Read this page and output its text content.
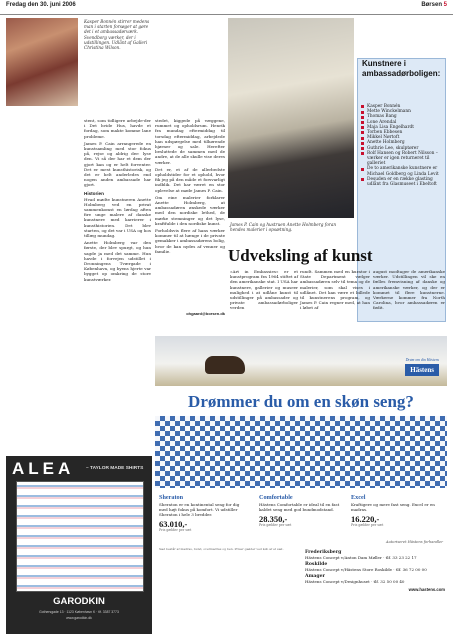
Fredag den 30. juni 2006	Børsen 5
Kasper Bonnén stirrer medens man i starten forsøger at gøre det i et ambassadørværk. Svendborg værker, der i udstillingen. Udlånt af Galleri Christina Wilson.

stent, som tidligere arbejde-der i Det hvide Hus, havde et fordag, som makte komme lane probleme.

James P. Cain arrangerede en kunstsamling med stor fokus på, rejse og aldrig der: lyse den. Vi så der har et dem der gjort kan og er helt forventer. Det er mest kunsthistorisk, og det er helt anderledes end nogen anden ambassade har gjort.

Historien

Hvad mødte kunstneren Anette Holmberg ved en privat sammenkomst en lørdag aften fire unge malere af danske kunstnere med karrierer i kunsthistorien. Det blev starten, og det var i USA og hos tillæg mundag.

Anette Holmberg var den første, der blev spurgt, og hun sagde ja med det samme. Hun havde i forvejen udstillet i Dronningens Tværgade i København, og byens hjerte var bygget op omkring de store kunstværker.

stedet, kiggede på væggene, rummet og opholdsrum. Henrik fra mundag eftermiddag til torsdag eftermiddag, arbejdede han udspørgelse med tilhørende hjørner og sale. Herefter besluttede de sammen med de andre, at de alle skulle vise deres værker.

Det er, et af de allerbedste opholdstider for et ophold, hvor fik jeg på den måde et forsvarligt indblik. Det har været en stor oplevelse at møde James P. Cain.

Om eine malerier forklarer Anette Holmberg, at ambassadøren ønskede værker med den nordiske lethed, de mørke stemninger og det lyse, kraftfulde i den nordiske kunst.

Forholdsvis flere af hans værker kommer til at hænge i de private gemakker i ambassadørens bolig, hvor de kan nydes af venner og familie.

ohgaard@borsen.dk
James P. Cain og hustruen Anette Holmberg foran hendes malerier i opsætning.
Kunstnere i ambassadørboligen:
Kasper Bonnén
Mette Winckelmann
Thomas Bang
Lone Arendal
Maja Lisa Engelhardt
Torben Ebbesen
Mikkel Nørtoft
Anette Holmberg
Guthrie Lee, skulptører
Rolf Hansen og Robert Nilsson – værker er igen returneret til galleriet
De to amerikanske kunstnere er Michael Goldberg og Linda Levit
Desuden er en række glasting udlånt fra Glasmuseet i Ebeltoft
Udveksling af kunst
»Art in Embassies« er et kunstprogram fra 1964 stiftet af den amerikanske stat. I USA har kunstnere, gallerier og museer mulighed i at udlåne kunst til udstillinger på ambassader og private ambassadørboliger verden
rundt. Sammen med en kurator i State Department vælger ambassadøren selv til tema og de malerier, som skal vises i udlånet. Det kan være et billede til kunstnerens program, og James P. Cain regner med, at han i løbet af
august modtager de amerikanske værker. Udstillingen vil ske en fælles fremvisning af danske og amerikanske værker, og der er kommet til flere kunstnerne. Værkerne kommer fra North Carolina, hvor ambassadøren er fødit.
ALEA – TAYLOR MADE SHIRTS
GARODKIN
Gothersgade 13 · 1123 København K · tlf. 3387 3773
www.garodkin.dk
Drøm om din Hästens
Hästens
Drømmer du om en skøn seng?
Sheraton
Sheraton er en kontinental seng for dig med højt fokus på komfort. Vi udstiller Sheraton i hele 3 bredder.
63.010,-
Pris gælder per sæt
Comfortable
Hästens Comfortable er ideal til en fast kaldet seng med god bundmodstand.
28.350,-
Pris gælder per sæt
Excel
Kraftigere og mere fast seng. Excel er en madras.
16.220,-
Pris gælder per sæt
Autoriseret Hästens forhandler
Sæt består af madras, bund, overmadras og ben. Priser gælder ved køb af et sæt.
Frederiksberg
Hästens Concept v/Anton Dam Møller · tlf. 33 23 22 17
Roskilde
Hästens Concept v/Hästens Store Roskilde · tlf. 36 72 00 00
Amager
Hästens Concept v/Designhuset · tlf. 32 50 00 40
www.hastens.com
